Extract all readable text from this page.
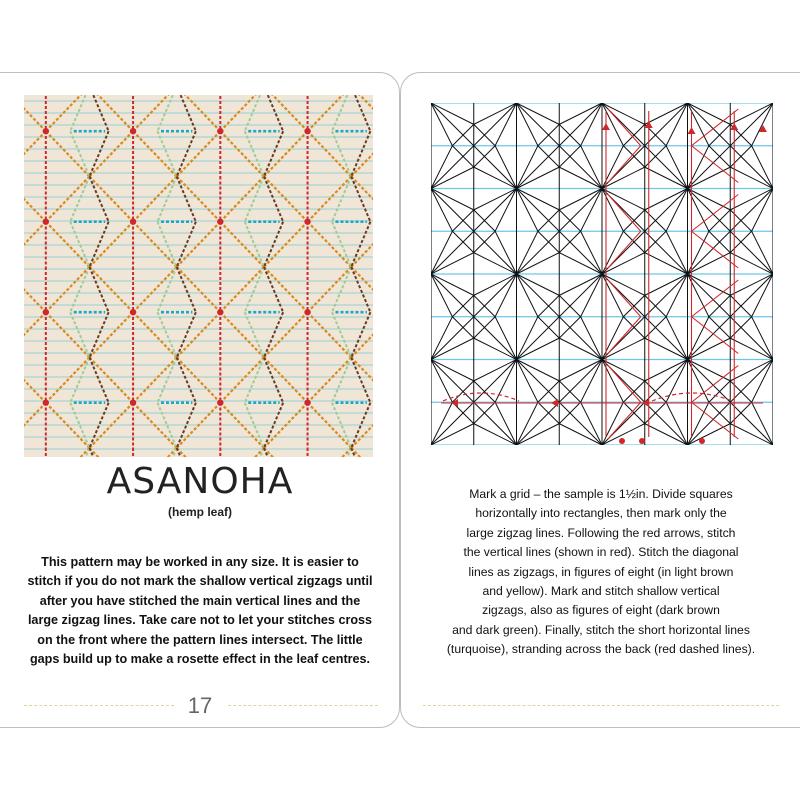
ASANOHA
(hemp leaf)
This pattern may be worked in any size. It is easier to
stitch if you do not mark the shallow vertical zigzags until
after you have stitched the main vertical lines and the
large zigzag lines. Take care not to let your stitches cross
on the front where the pattern lines intersect. The little
gaps build up to make a rosette effect in the leaf centres.
17
Mark a grid – the sample is 1½in. Divide squares
horizontally into rectangles, then mark only the
large zigzag lines. Following the red arrows, stitch
the vertical lines (shown in red). Stitch the diagonal
lines as zigzags, in figures of eight (in light brown
and yellow). Mark and stitch shallow vertical
zigzags, also as figures of eight (dark brown
and dark green). Finally, stitch the short horizontal lines
(turquoise), stranding across the back (red dashed lines).
